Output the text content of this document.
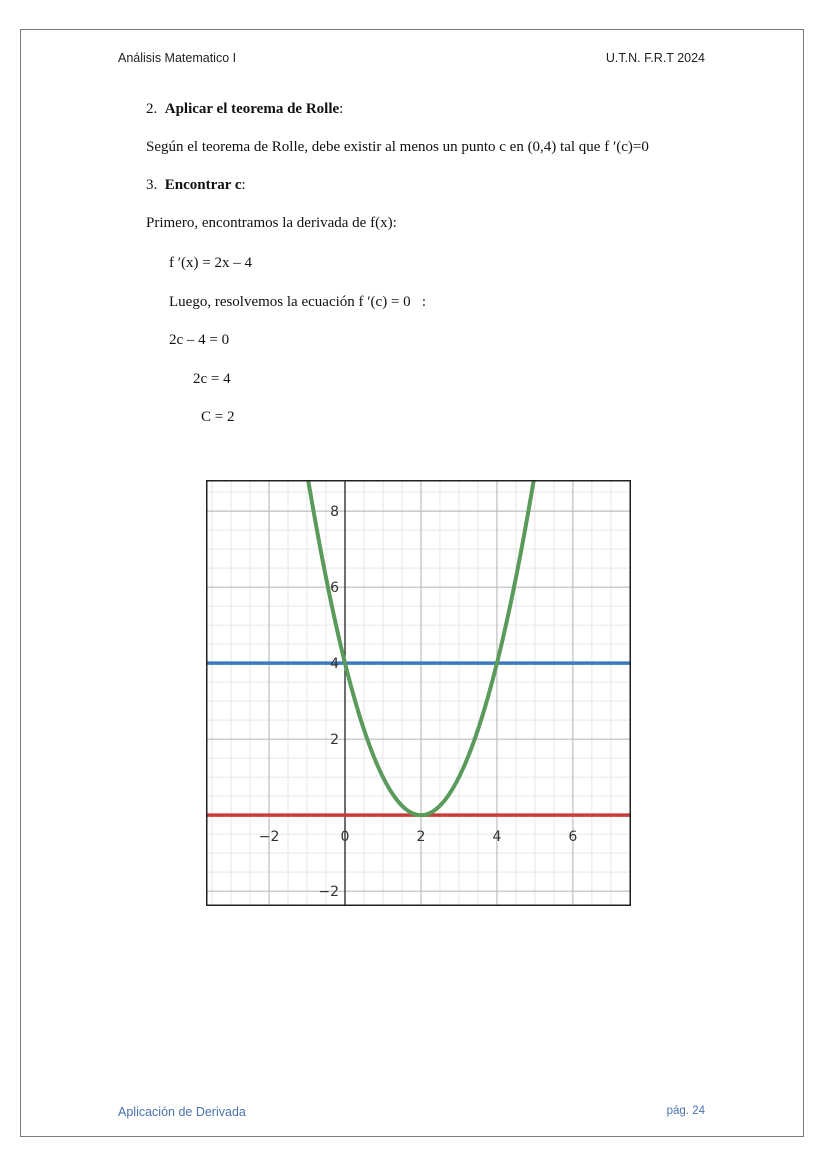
Análisis Matematico I	U.T.N. F.R.T 2024
2. Aplicar el teorema de Rolle:
Según el teorema de Rolle, debe existir al menos un punto c en (0,4) tal que f ′(c)=0
3. Encontrar c:
Primero, encontramos la derivada de f(x):
f ′(x) = 2x – 4
Luego, resolvemos la ecuación f ′(c) = 0   :
2c – 4 = 0
2c = 4
C = 2
−2	0	2	4	6
−2
2
4
6
8
Aplicación de Derivada	pág. 24
